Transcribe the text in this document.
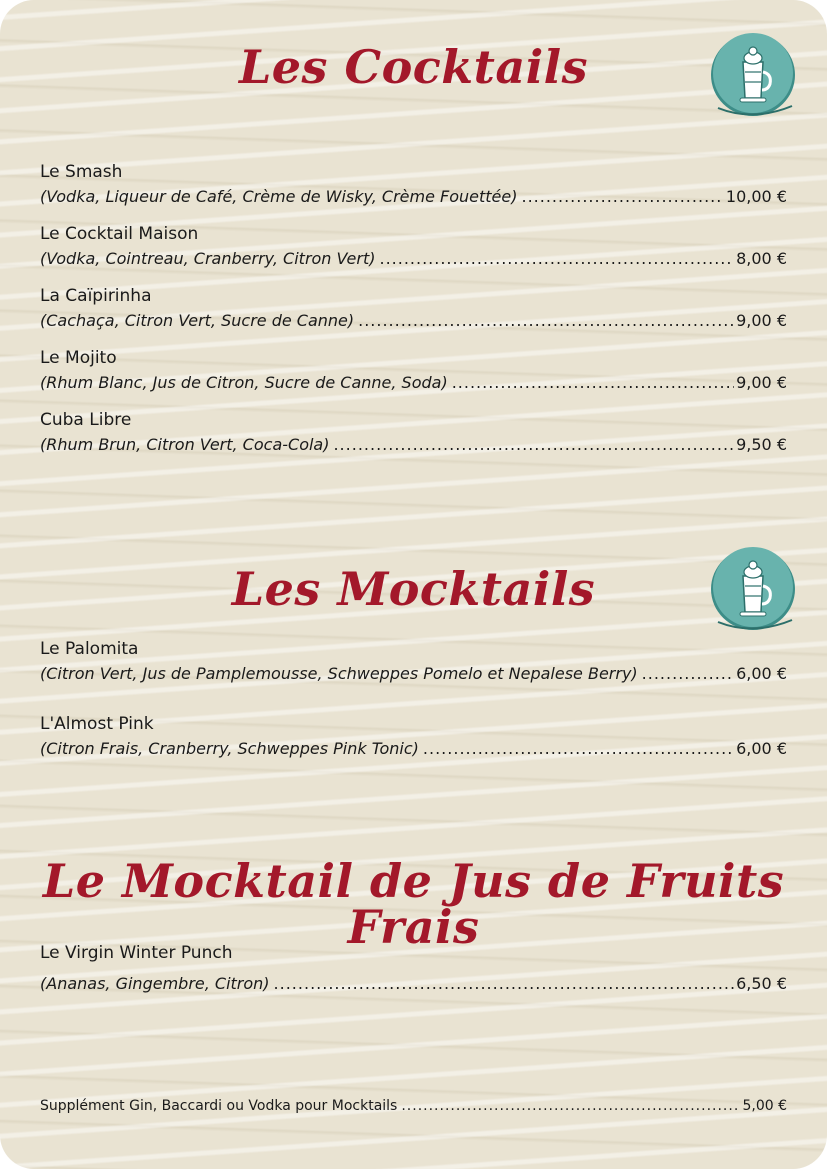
Les Cocktails
Le Smash
(Vodka, Liqueur de Café, Crème de Wisky, Crème Fouettée) .....	10,00 €
Le Cocktail Maison
(Vodka, Cointreau, Cranberry, Citron Vert) .....	8,00 €
La Caïpirinha
(Cachaça, Citron Vert, Sucre de Canne) .....	9,00 €
Le Mojito
(Rhum Blanc, Jus de Citron, Sucre de Canne, Soda) .....	9,00 €
Cuba Libre
(Rhum Brun, Citron Vert, Coca-Cola) .....	9,50 €
Les Mocktails
Le Palomita
(Citron Vert, Jus de Pamplemousse, Schweppes Pomelo et Nepalese Berry) .....	6,00 €
L'Almost Pink
(Citron Frais, Cranberry, Schweppes Pink Tonic) .....	6,00 €
Le Mocktail de Jus de Fruits Frais
Le Virgin Winter Punch
(Ananas, Gingembre, Citron) .....	6,50 €
Supplément Gin, Baccardi ou Vodka pour Mocktails .....	5,00 €
